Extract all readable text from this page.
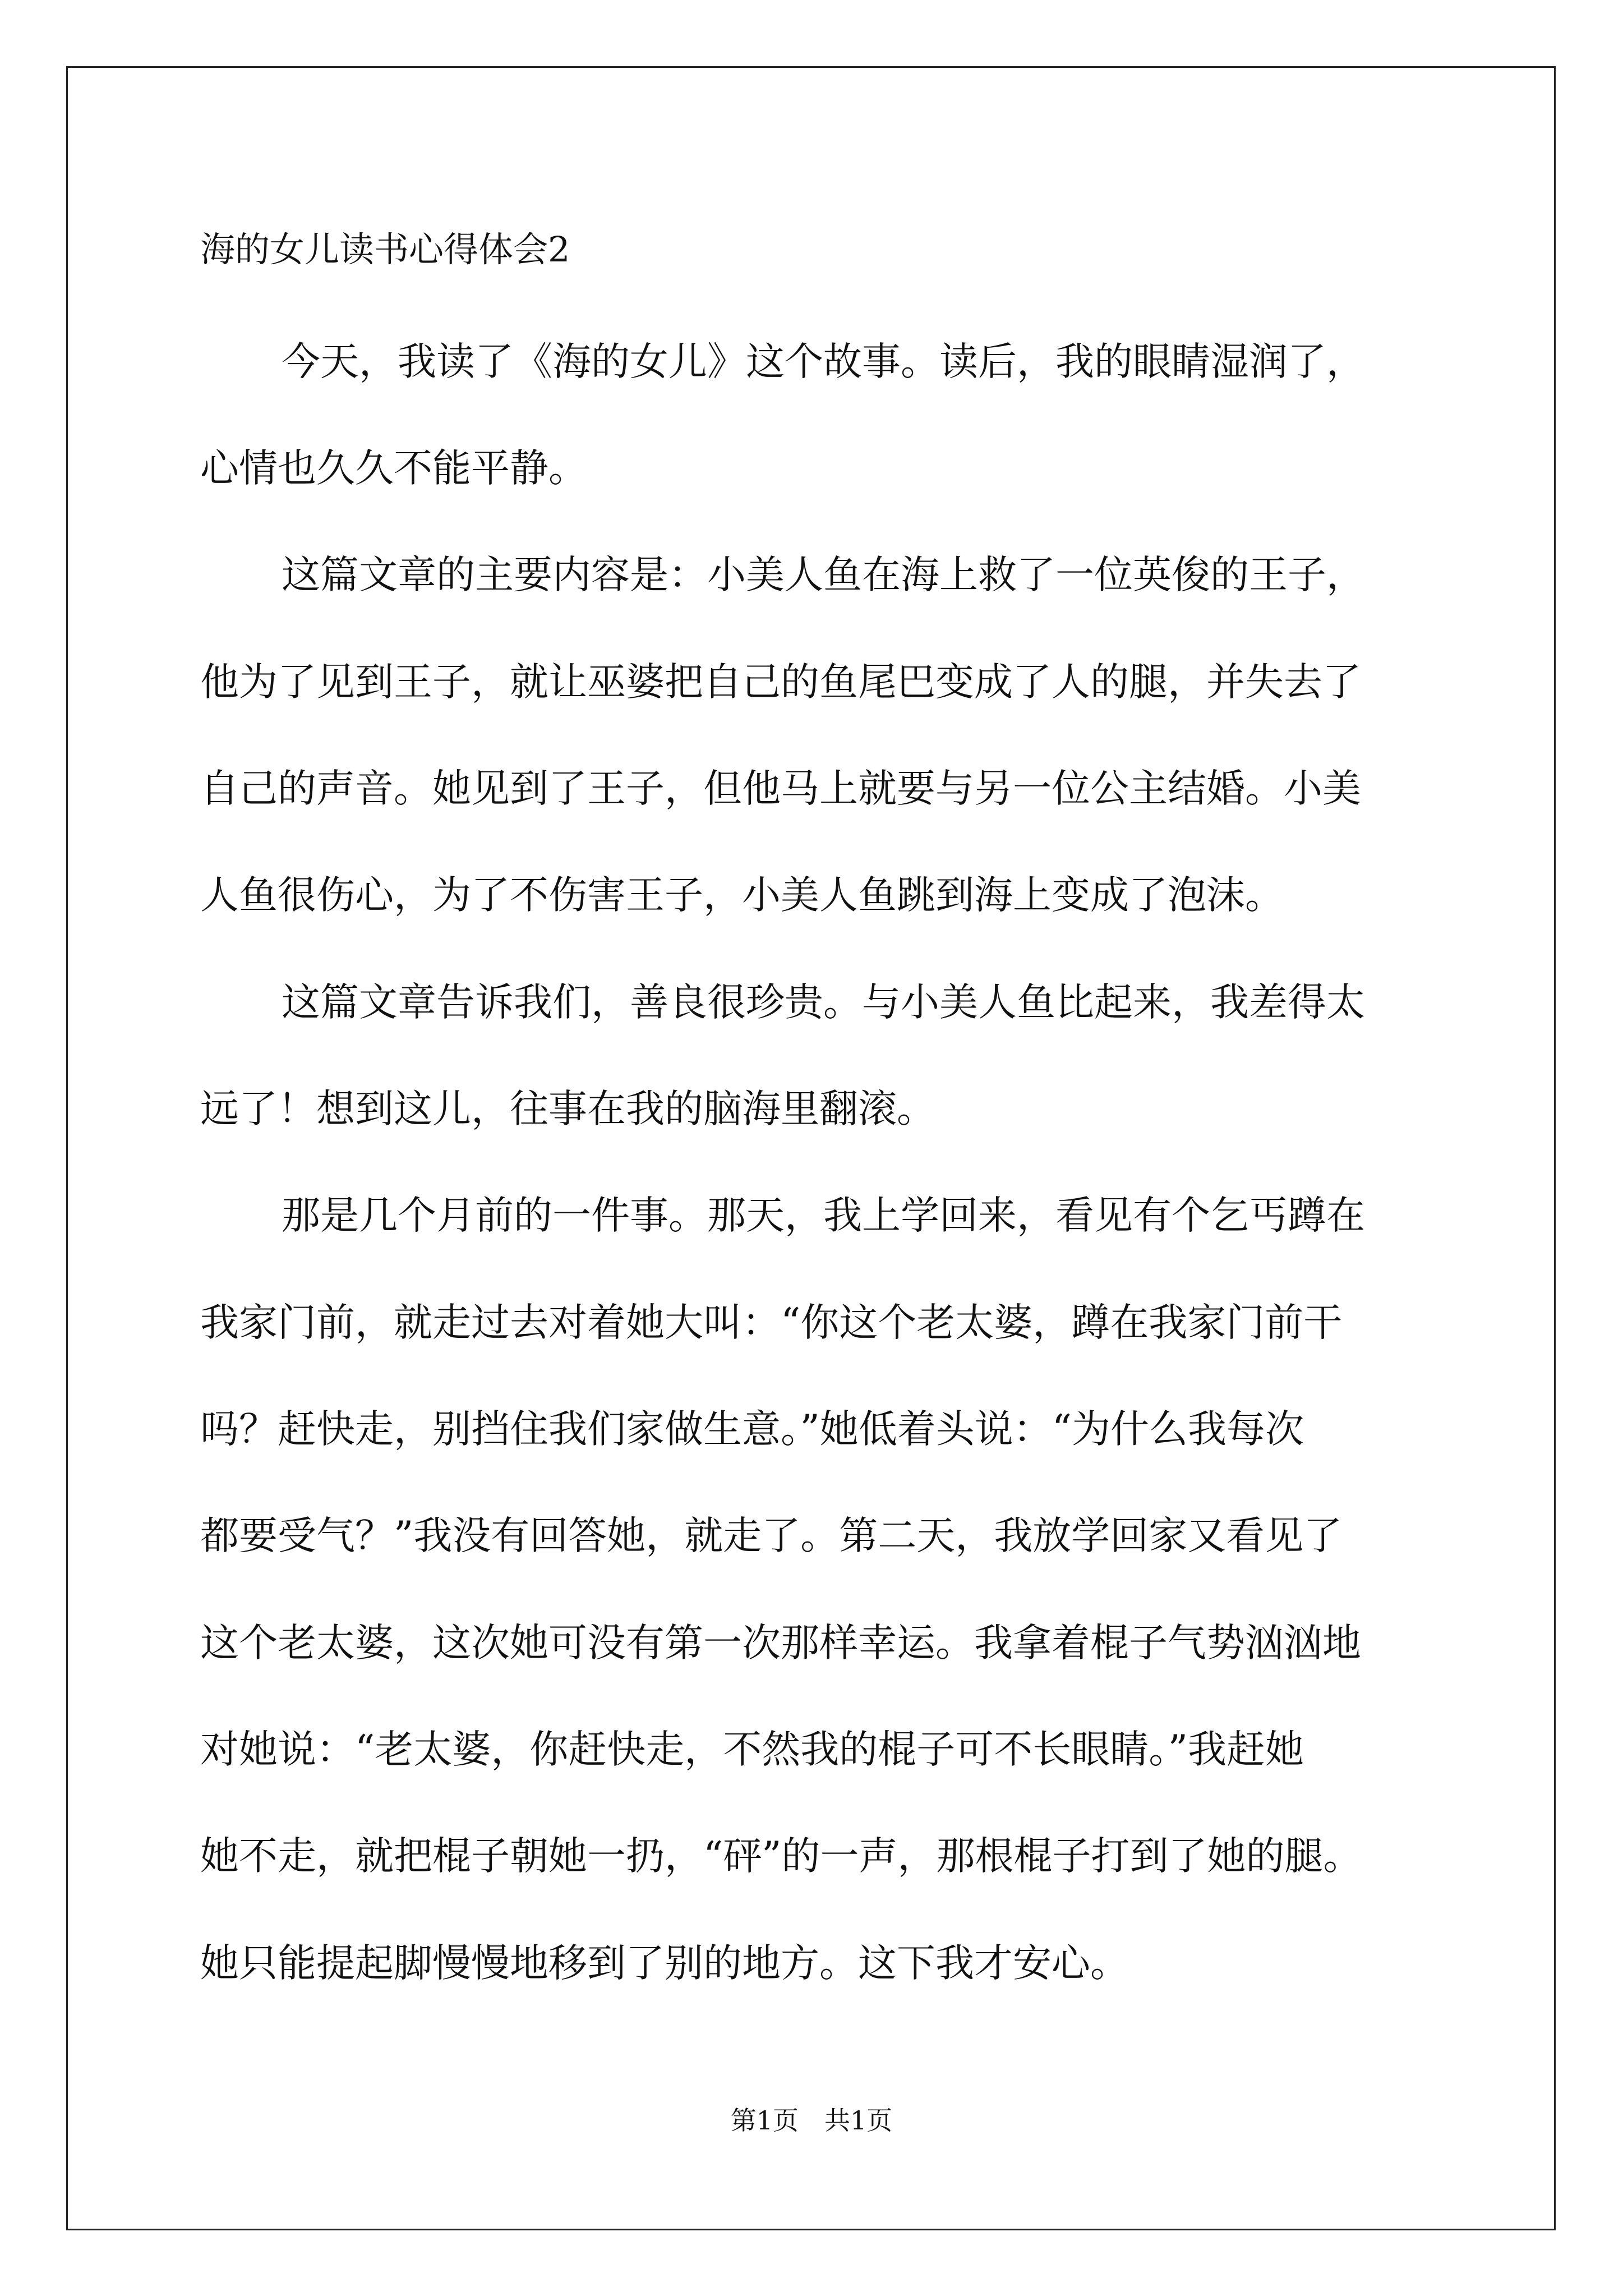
海的女儿读书心得体会2

今天，我读了《海的女儿》这个故事。读后，我的眼睛湿润了，

心情也久久不能平静。

这篇文章的主要内容是：小美人鱼在海上救了一位英俊的王子，

他为了见到王子，就让巫婆把自己的鱼尾巴变成了人的腿，并失去了

自己的声音。她见到了王子，但他马上就要与另一位公主结婚。小美

人鱼很伤心，为了不伤害王子，小美人鱼跳到海上变成了泡沫。

这篇文章告诉我们，善良很珍贵。与小美人鱼比起来，我差得太

远了！想到这儿，往事在我的脑海里翻滚。

那是几个月前的一件事。那天，我上学回来，看见有个乞丐蹲在

我家门前，就走过去对着她大叫：“你这个老太婆，蹲在我家门前干

吗？赶快走，别挡住我们家做生意。”她低着头说：“为什么我每次

都要受气？”我没有回答她，就走了。第二天，我放学回家又看见了

这个老太婆，这次她可没有第一次那样幸运。我拿着棍子气势汹汹地

对她说：“老太婆，你赶快走，不然我的棍子可不长眼睛。”我赶她

她不走，就把棍子朝她一扔，“砰”的一声，那根棍子打到了她的腿。

她只能提起脚慢慢地移到了别的地方。这下我才安心。

第1页　共1页
